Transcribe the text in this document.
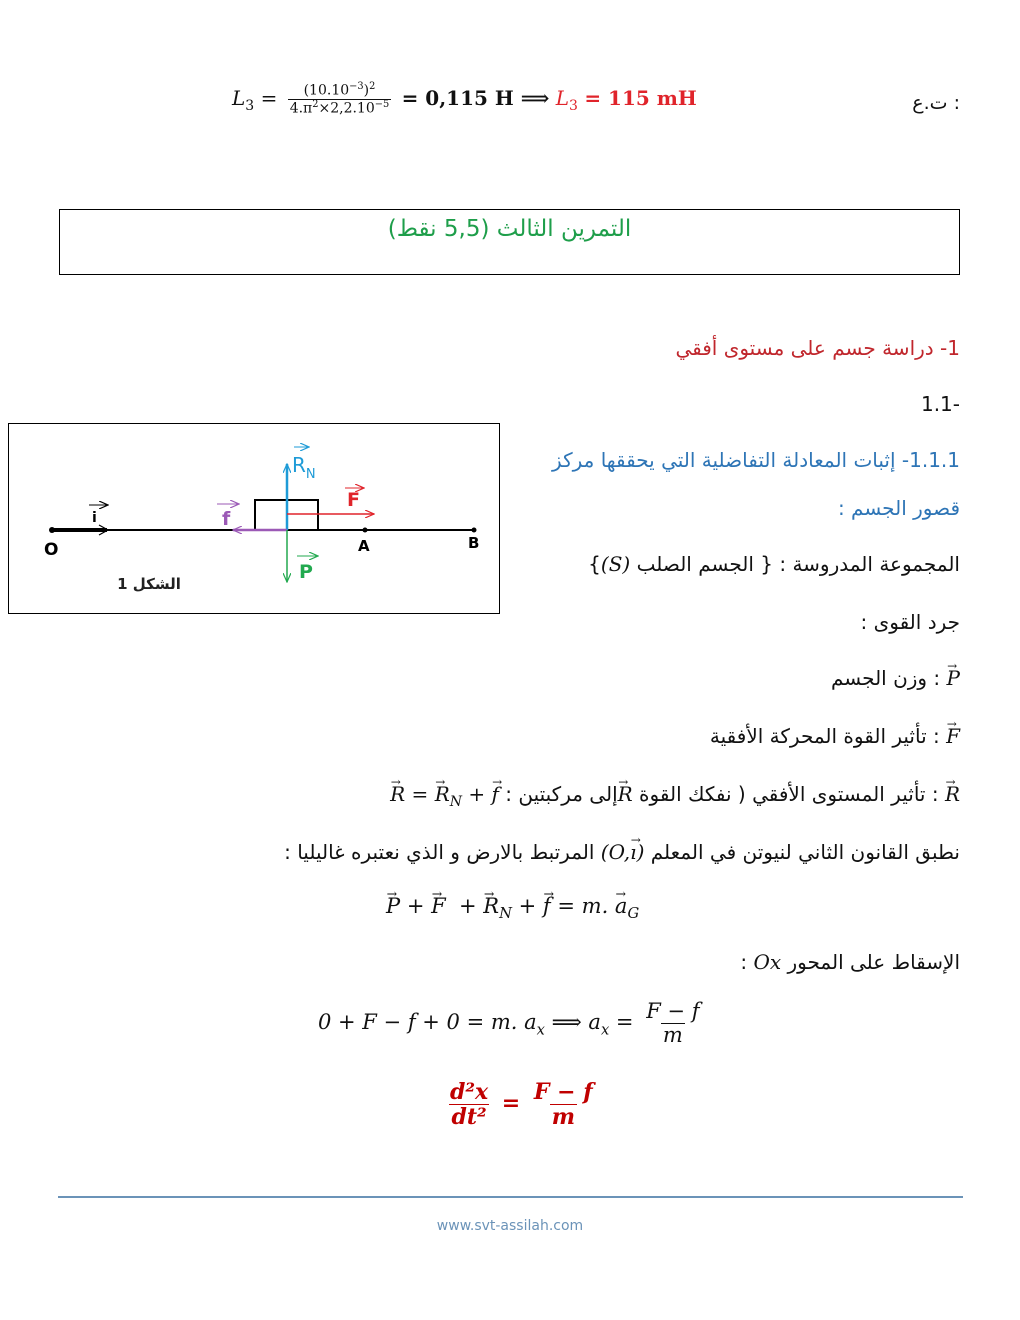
$L_3 = \frac{(10.10^{-3})^2}{4.\pi^2\times 2,2.10^{-5}} = 0,115$ H ⟹ $L_3 = 115$ mH	: ت.ع
التمرين الثالث (5,5 نقط)
1- دراسة جسم على مستوى أفقي
-1.1
1.1.1- إثبات المعادلة التفاضلية التي يحققها مركز
قصور الجسم :
المجموعة المدروسة : { الجسم الصلب (S)}
جرد القوى :
→ P : وزن الجسم
→ F : تأثير القوة المحركة الأفقية
→ R : تأثير المستوى الأفقي ( نفكك القوة → Rإلى مركبتين : → R = → $R_N$ + → f
نطبق القانون الثاني لنيوتن في المعلم (O,→ ı) المرتبط بالارض و الذي نعتبره غاليليا :
→ P + → F  + → $R_N$ + → f = m. → $a_G$
الإسقاط على المحور Ox :
0 + F − f + 0 = m. $a_x$ ⟹ $a_x = \frac{F - f}{m}$
$\frac{\text{d²x}}{\text{dt²}} = \frac{F - f}{m}$
O	A	B
i
$R_N$
F
f
P
الشكل 1
www.svt-assilah.com
